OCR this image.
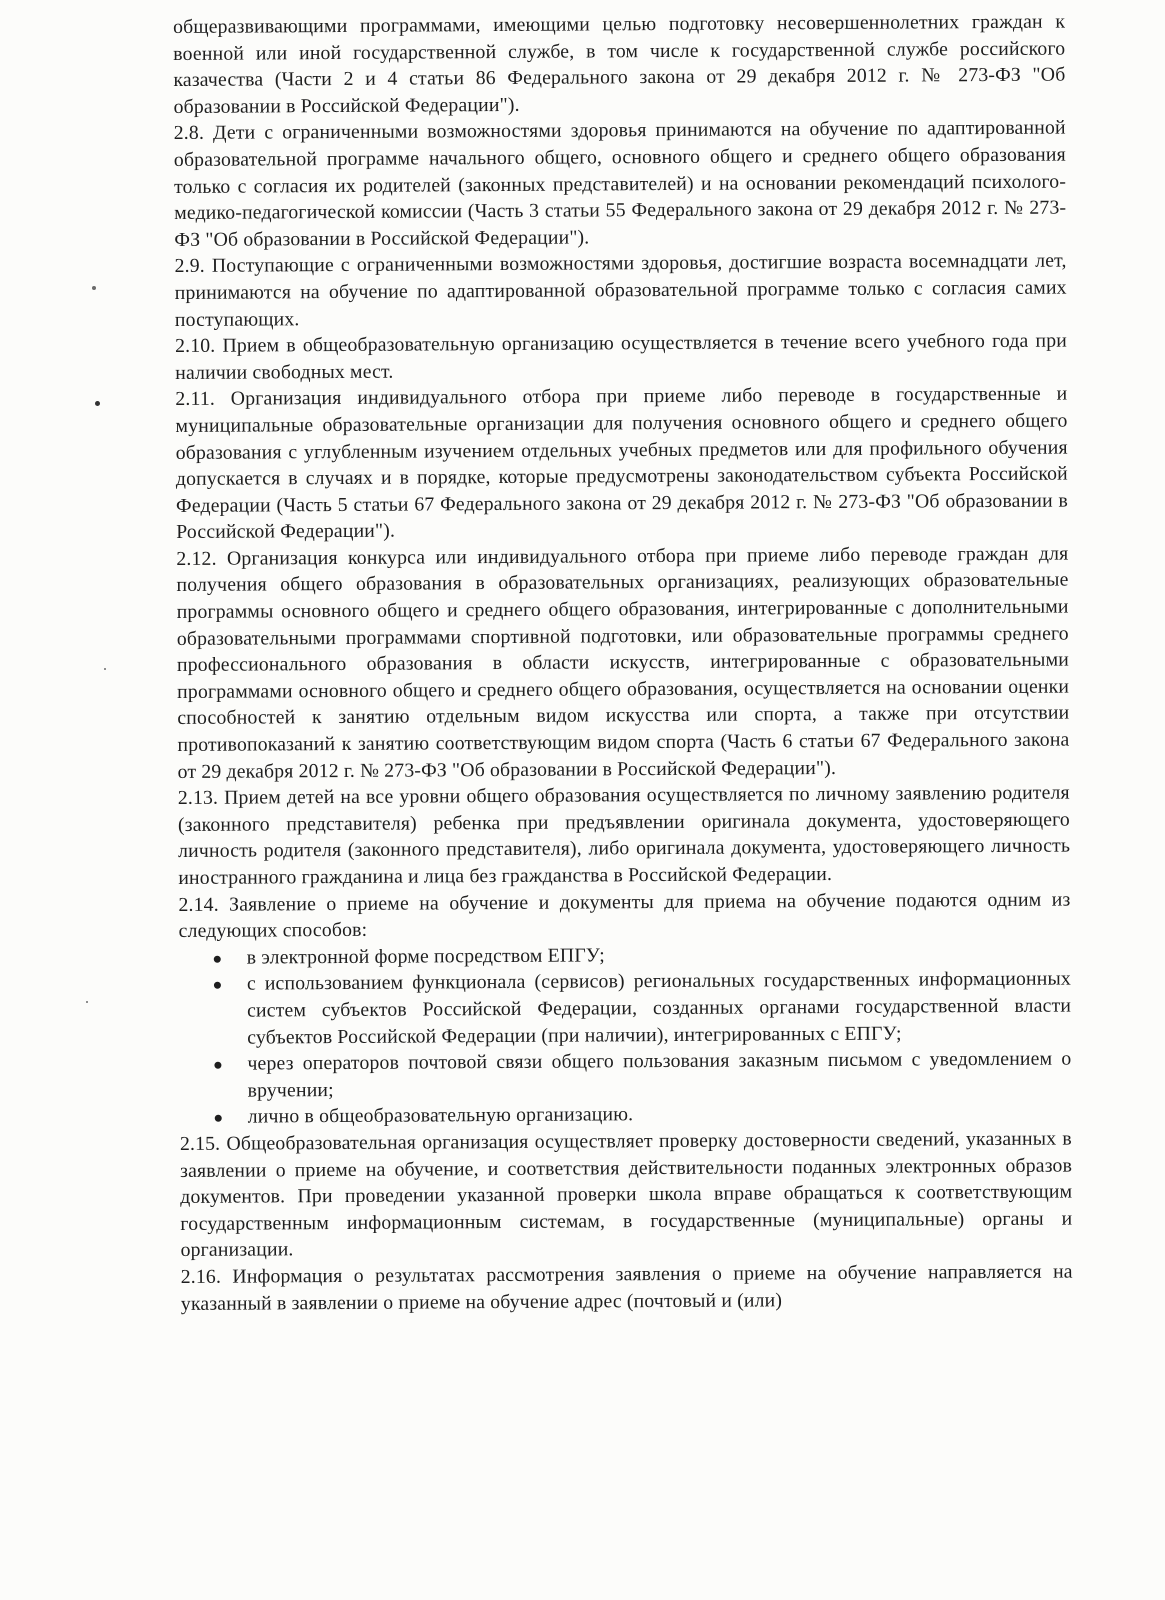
общеразвивающими программами, имеющими целью подготовку несовершеннолетних граждан к военной или иной государственной службе, в том числе к государственной службе российского казачества (Части 2 и 4 статьи 86 Федерального закона от 29 декабря 2012 г. № 273-ФЗ "Об образовании в Российской Федерации").

2.8. Дети с ограниченными возможностями здоровья принимаются на обучение по адаптированной образовательной программе начального общего, основного общего и среднего общего образования только с согласия их родителей (законных представителей) и на основании рекомендаций психолого-медико-педагогической комиссии (Часть 3 статьи 55 Федерального закона от 29 декабря 2012 г. № 273-ФЗ "Об образовании в Российской Федерации").

2.9. Поступающие с ограниченными возможностями здоровья, достигшие возраста восемнадцати лет, принимаются на обучение по адаптированной образовательной программе только с согласия самих поступающих.

2.10. Прием в общеобразовательную организацию осуществляется в течение всего учебного года при наличии свободных мест.

2.11. Организация индивидуального отбора при приеме либо переводе в государственные и муниципальные образовательные организации для получения основного общего и среднего общего образования с углубленным изучением отдельных учебных предметов или для профильного обучения допускается в случаях и в порядке, которые предусмотрены законодательством субъекта Российской Федерации (Часть 5 статьи 67 Федерального закона от 29 декабря 2012 г. № 273-ФЗ "Об образовании в Российской Федерации").

2.12. Организация конкурса или индивидуального отбора при приеме либо переводе граждан для получения общего образования в образовательных организациях, реализующих образовательные программы основного общего и среднего общего образования, интегрированные с дополнительными образовательными программами спортивной подготовки, или образовательные программы среднего профессионального образования в области искусств, интегрированные с образовательными программами основного общего и среднего общего образования, осуществляется на основании оценки способностей к занятию отдельным видом искусства или спорта, а также при отсутствии противопоказаний к занятию соответствующим видом спорта (Часть 6 статьи 67 Федерального закона от 29 декабря 2012 г. № 273-ФЗ "Об образовании в Российской Федерации").

2.13. Прием детей на все уровни общего образования осуществляется по личному заявлению родителя (законного представителя) ребенка при предъявлении оригинала документа, удостоверяющего личность родителя (законного представителя), либо оригинала документа, удостоверяющего личность иностранного гражданина и лица без гражданства в Российской Федерации.

2.14. Заявление о приеме на обучение и документы для приема на обучение подаются одним из следующих способов:

в электронной форме посредством ЕПГУ;
с использованием функционала (сервисов) региональных государственных информационных систем субъектов Российской Федерации, созданных органами государственной власти субъектов Российской Федерации (при наличии), интегрированных с ЕПГУ;
через операторов почтовой связи общего пользования заказным письмом с уведомлением о вручении;
лично в общеобразовательную организацию.

2.15. Общеобразовательная организация осуществляет проверку достоверности сведений, указанных в заявлении о приеме на обучение, и соответствия действительности поданных электронных образов документов. При проведении указанной проверки школа вправе обращаться к соответствующим государственным информационным системам, в государственные (муниципальные) органы и организации.

2.16. Информация о результатах рассмотрения заявления о приеме на обучение направляется на указанный в заявлении о приеме на обучение адрес (почтовый и (или)
